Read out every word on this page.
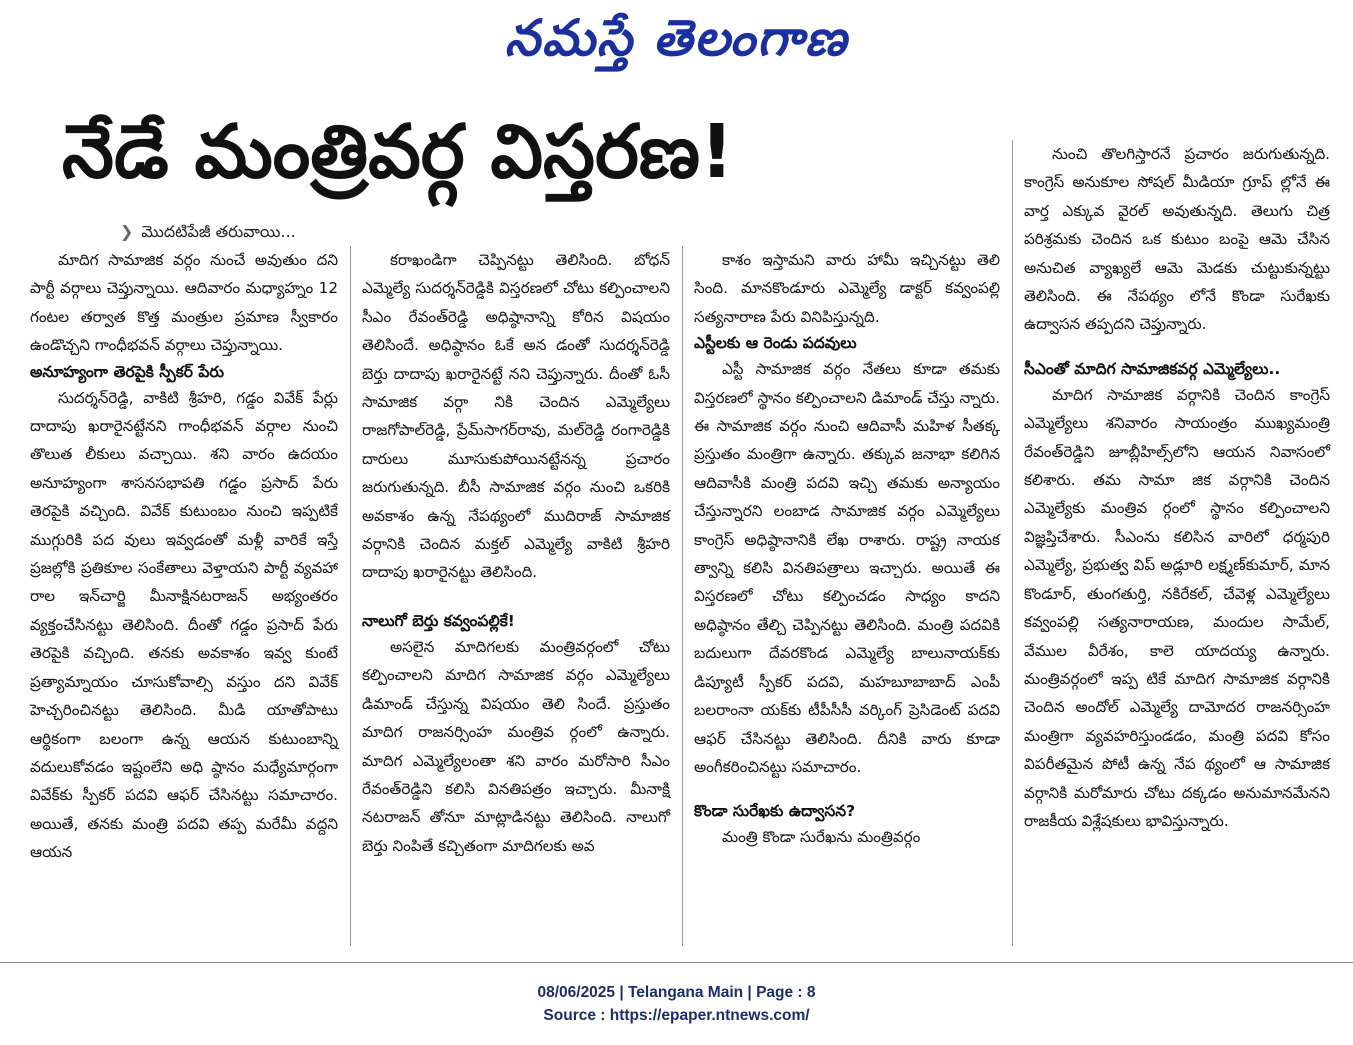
నమస్తే తెలంగాణ
నేడే మంత్రివర్గ విస్తరణ!
❯ మొదటిపేజీ తరువాయి...

మాదిగ సామాజిక వర్గం నుంచే అవుతుం దని పార్టీ వర్గాలు చెప్తున్నాయి. ఆదివారం మధ్యాహ్నం 12 గంటల తర్వాత కొత్త మంత్రుల ప్రమాణ స్వీకారం ఉండొచ్చని గాంధీభవన్ వర్గాలు చెప్తున్నాయి.

అనూహ్యంగా తెరపైకి స్పీకర్ పేరు

సుదర్శన్‌రెడ్డి, వాకిటి శ్రీహరి, గడ్డం వివేక్ పేర్లు దాదాపు ఖరారైనట్టేనని గాంధీభవన్ వర్గాల నుంచి తొలుత లీకులు వచ్చాయి. శని వారం ఉదయం అనూహ్యంగా శాసనసభాపతి గడ్డం ప్రసాద్ పేరు తెరపైకి వచ్చింది. వివేక్ కుటుంబం నుంచి ఇప్పటికే ముగ్గురికి పద వులు ఇవ్వడంతో మళ్లీ వారికే ఇస్తే ప్రజల్లోకి ప్రతికూల సంకేతాలు వెళ్తాయని పార్టీ వ్యవహా రాల ఇన్‌చార్జి మీనాక్షినటరాజన్ అభ్యంతరం వ్యక్తంచేసినట్టు తెలిసింది. దీంతో గడ్డం ప్రసాద్ పేరు తెరపైకి వచ్చింది. తనకు అవకాశం ఇవ్వ కుంటే ప్రత్యామ్నాయం చూసుకోవాల్సి వస్తుం దని వివేక్ హెచ్చరించినట్టు తెలిసింది. మీడి యాతోపాటు ఆర్థికంగా బలంగా ఉన్న ఆయన కుటుంబాన్ని వదులుకోవడం ఇష్టంలేని అధి ష్ఠానం మధ్యేమార్గంగా వివేక్‌కు స్పీకర్ పదవి ఆఫర్ చేసినట్టు సమాచారం. అయితే, తనకు మంత్రి పదవి తప్ప మరేమీ వద్దని ఆయన

కరాఖండిగా చెప్పినట్టు తెలిసింది. బోధన్ ఎమ్మెల్యే సుదర్శన్‌రెడ్డికి విస్తరణలో చోటు కల్పించాలని సీఎం రేవంత్‌రెడ్డి అధిష్ఠానాన్ని కోరిన విషయం తెలిసిందే. అధిష్ఠానం ఓకే అన డంతో సుదర్శన్‌రెడ్డి బెర్తు దాదాపు ఖరారైనట్టే నని చెప్తున్నారు. దీంతో ఓసీ సామాజిక వర్గా నికి చెందిన ఎమ్మెల్యేలు రాజగోపాల్‌రెడ్డి, ప్రేమ్‌సాగర్‌రావు, మల్‌రెడ్డి రంగారెడ్డికి దారులు మూసుకుపోయినట్టేనన్న ప్రచారం జరుగుతున్నది. బీసీ సామాజిక వర్గం నుంచి ఒకరికి అవకాశం ఉన్న నేపథ్యంలో ముదిరాజ్ సామాజిక వర్గానికి చెందిన మక్తల్ ఎమ్మెల్యే వాకిటి శ్రీహరి దాదాపు ఖరారైనట్టు తెలిసింది.

నాలుగో బెర్తు కవ్వంపల్లికే!

అసలైన మాదిగలకు మంత్రివర్గంలో చోటు కల్పించాలని మాదిగ సామాజిక వర్గం ఎమ్మెల్యేలు డిమాండ్ చేస్తున్న విషయం తెలి సిందే. ప్రస్తుతం మాదిగ రాజనర్సింహ మంత్రివ ర్గంలో ఉన్నారు. మాదిగ ఎమ్మెల్యేలంతా శని వారం మరోసారి సీఎం రేవంత్‌రెడ్డిని కలిసి వినతిపత్రం ఇచ్చారు. మీనాక్షి నటరాజన్ తోనూ మాట్లాడినట్టు తెలిసింది. నాలుగో బెర్తు నింపితే కచ్చితంగా మాదిగలకు అవ

కాశం ఇస్తామని వారు హామీ ఇచ్చినట్టు తెలి సింది. మానకొండూరు ఎమ్మెల్యే డాక్టర్ కవ్వంపల్లి సత్యనారాణ పేరు వినిపిస్తున్నది.

ఎస్టీలకు ఆ రెండు పదవులు

ఎస్టీ సామాజిక వర్గం నేతలు కూడా తమకు విస్తరణలో స్థానం కల్పించాలని డిమాండ్ చేస్తు న్నారు. ఈ సామాజిక వర్గం నుంచి ఆదివాసీ మహిళ సీతక్క ప్రస్తుతం మంత్రిగా ఉన్నారు. తక్కువ జనాభా కలిగిన ఆదివాసీకి మంత్రి పదవి ఇచ్చి తమకు అన్యాయం చేస్తున్నారని లంబాడ సామాజిక వర్గం ఎమ్మెల్యేలు కాంగ్రెస్ అధిష్ఠానానికి లేఖ రాశారు. రాష్ట్ర నాయక త్వాన్ని కలిసి వినతిపత్రాలు ఇచ్చారు. అయితే ఈ విస్తరణలో చోటు కల్పించడం సాధ్యం కాదని అధిష్ఠానం తేల్చి చెప్పినట్టు తెలిసింది. మంత్రి పదవికి బదులుగా దేవరకొండ ఎమ్మెల్యే బాలునాయక్‌కు డిప్యూటీ స్పీకర్ పదవి, మహబూబాబాద్ ఎంపీ బలరాంనా యక్‌కు టీపీసీసీ వర్కింగ్ ప్రెసిడెంట్ పదవి ఆఫర్ చేసినట్టు తెలిసింది. దీనికి వారు కూడా అంగీకరించినట్టు సమాచారం.

కొండా సురేఖకు ఉద్వాసన?

మంత్రి కొండా సురేఖను మంత్రివర్గం

నుంచి తొలగిస్తారనే ప్రచారం జరుగుతున్నది. కాంగ్రెస్ అనుకూల సోషల్ మీడియా గ్రూప్ ల్లోనే ఈ వార్త ఎక్కువ వైరల్ అవుతున్నది. తెలుగు చిత్ర పరిశ్రమకు చెందిన ఒక కుటుం బంపై ఆమె చేసిన అనుచిత వ్యాఖ్యలే ఆమె మెడకు చుట్టుకున్నట్టు తెలిసింది. ఈ నేపథ్యం లోనే కొండా సురేఖకు ఉద్వాసన తప్పదని చెప్తున్నారు.

సీఎంతో మాదిగ సామాజికవర్గ ఎమ్మెల్యేలు..

మాదిగ సామాజిక వర్గానికి చెందిన కాంగ్రెస్ ఎమ్మెల్యేలు శనివారం సాయంత్రం ముఖ్యమంత్రి రేవంత్‌రెడ్డిని జూబ్లీహిల్స్‌లోని ఆయన నివాసంలో కలిశారు. తమ సామా జిక వర్గానికి చెందిన ఎమ్మెల్యేకు మంత్రివ ర్గంలో స్థానం కల్పించాలని విజ్ఞప్తిచేశారు. సీఎంను కలిసిన వారిలో ధర్మపురి ఎమ్మెల్యే, ప్రభుత్వ విప్ అడ్లూరి లక్ష్మణ్‌కుమార్, మాన కొండూర్, తుంగతుర్తి, నకిరేకల్, చేవెళ్ల ఎమ్మెల్యేలు కవ్వంపల్లి సత్యనారాయణ, మందుల సామేల్, వేముల వీరేశం, కాలె యాదయ్య ఉన్నారు. మంత్రివర్గంలో ఇప్ప టికే మాదిగ సామాజిక వర్గానికి చెందిన అందోల్ ఎమ్మెల్యే దామోదర రాజనర్సింహ మంత్రిగా వ్యవహరిస్తుండడం, మంత్రి పదవి కోసం విపరీతమైన పోటీ ఉన్న నేప థ్యంలో ఆ సామాజిక వర్గానికి మరోమారు చోటు దక్కడం అనుమానమేనని రాజకీయ విశ్లేషకులు భావిస్తున్నారు.

08/06/2025 | Telangana Main | Page : 8
Source : https://epaper.ntnews.com/
